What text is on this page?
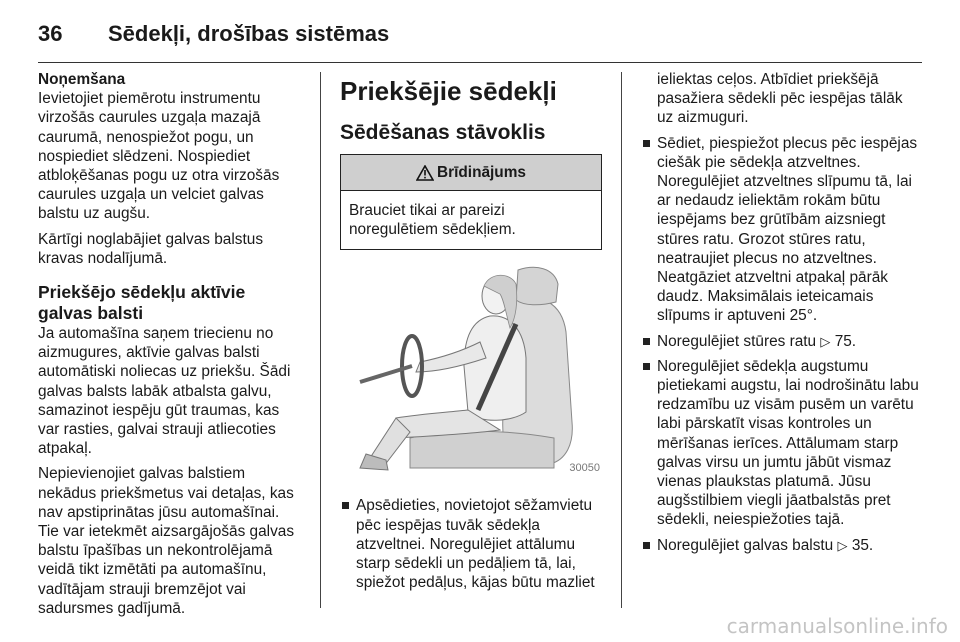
36	Sēdekļi, drošības sistēmas
Noņemšana

Ievietojiet piemērotu instrumentu virzošās caurules uzgaļa mazajā caurumā, nenospiežot pogu, un nospiediet slēdzeni. Nospiediet atbloķēšanas pogu uz otra virzošās caurules uzgaļa un velciet galvas balstu uz augšu.

Kārtīgi noglabājiet galvas balstus kravas nodalījumā.

Priekšējo sēdekļu aktīvie galvas balsti

Ja automašīna saņem triecienu no aizmugures, aktīvie galvas balsti automātiski noliecas uz priekšu. Šādi galvas balsts labāk atbalsta galvu, samazinot iespēju gūt traumas, kas var rasties, galvai strauji atliecoties atpakaļ.

Nepievienojiet galvas balstiem nekādus priekšmetus vai detaļas, kas nav apstiprinātas jūsu automašīnai. Tie var ietekmēt aizsargājošās galvas balstu īpašības un nekontrolējamā veidā tikt izmētāti pa automašīnu, vadītājam strauji bremzējot vai sadursmes gadījumā.

Priekšējie sēdekļi
Sēdēšanas stāvoklis
Brīdinājums
Brauciet tikai ar pareizi noregulētiem sēdekļiem.
30050
Apsēdieties, novietojot sēžamvietu pēc iespējas tuvāk sēdekļa atzveltnei. Noregulējiet attālumu starp sēdekli un pedāļiem tā, lai, spiežot pedāļus, kājas būtu mazliet

ieliektas ceļos. Atbīdiet priekšējā pasažiera sēdekli pēc iespējas tālāk uz aizmuguri.

Sēdiet, piespiežot plecus pēc iespējas ciešāk pie sēdekļa atzveltnes. Noregulējiet atzveltnes slīpumu tā, lai ar nedaudz ieliektām rokām būtu iespējams bez grūtībām aizsniegt stūres ratu. Grozot stūres ratu, neatraujiet plecus no atzveltnes. Neatgāziet atzveltni atpakaļ pārāk daudz. Maksimālais ieteicamais slīpums ir aptuveni 25°.
Noregulējiet stūres ratu ▷ 75.
Noregulējiet sēdekļa augstumu pietiekami augstu, lai nodrošinātu labu redzamību uz visām pusēm un varētu labi pārskatīt visas kontroles un mērīšanas ierīces. Attālumam starp galvas virsu un jumtu jābūt vismaz vienas plaukstas platumā. Jūsu augšstilbiem viegli jāatbalstās pret sēdekli, neiespiežoties tajā.
Noregulējiet galvas balstu ▷ 35.
carmanualsonline.info
